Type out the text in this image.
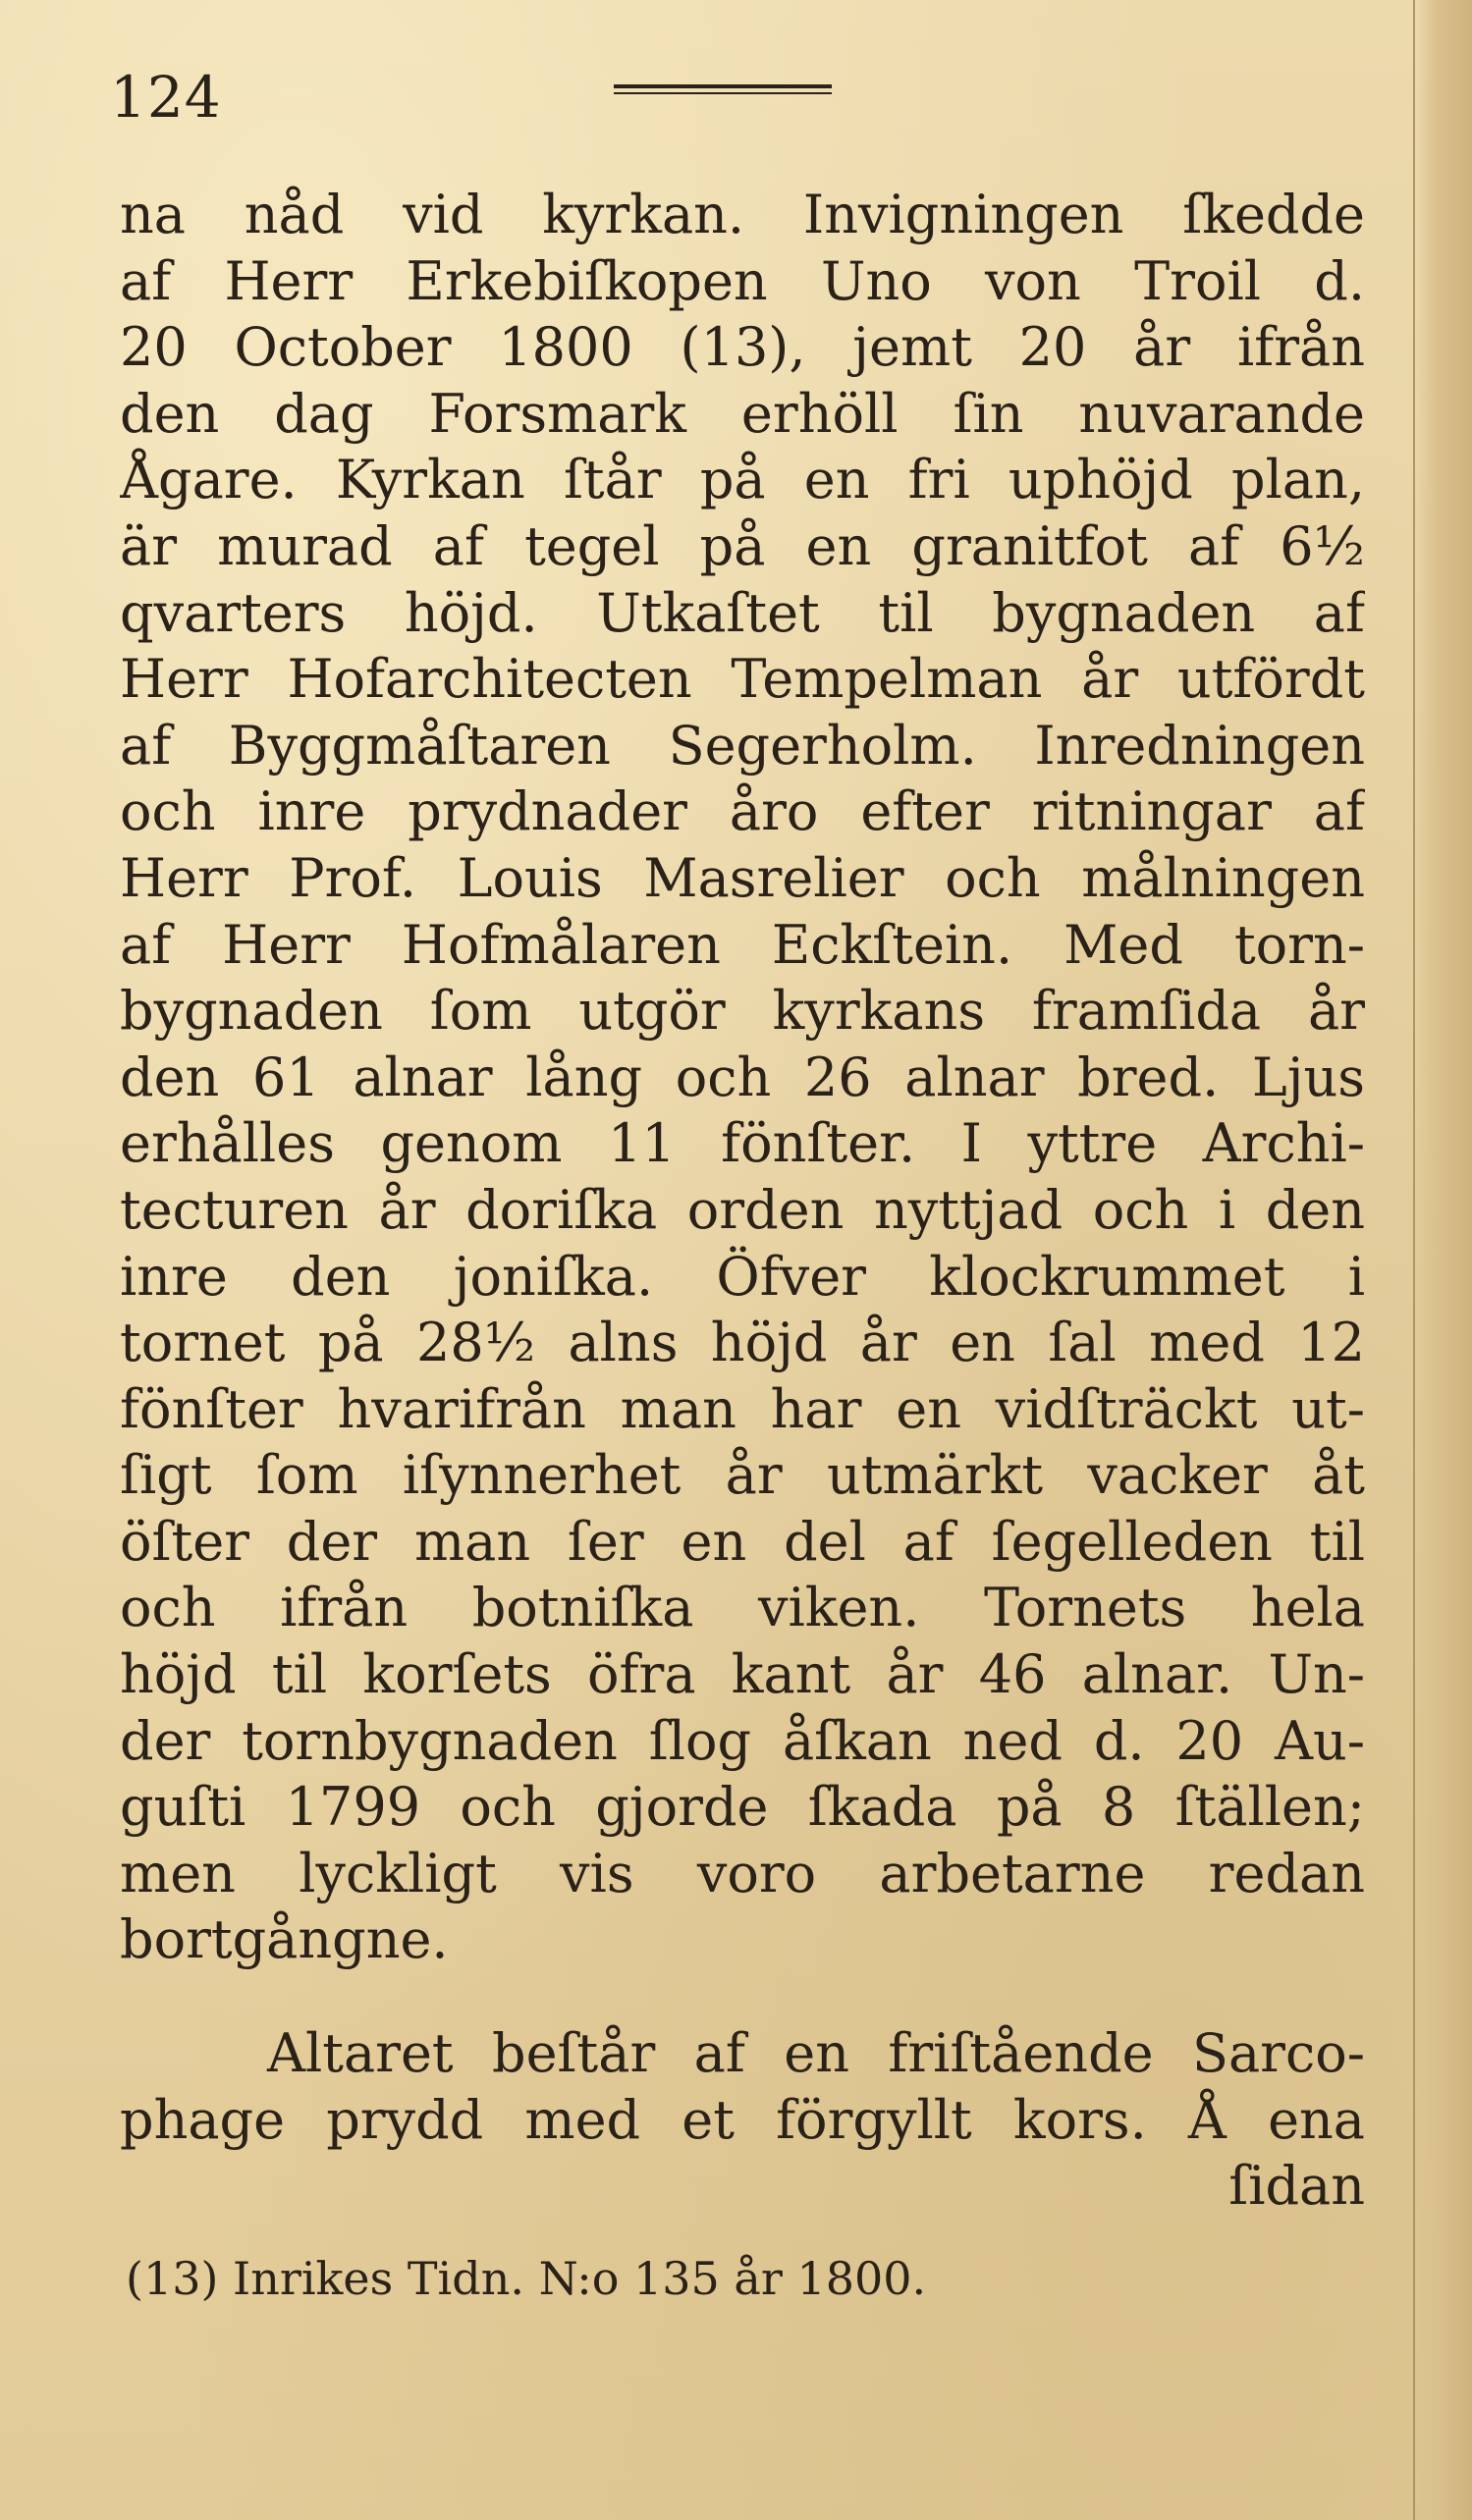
124
na nåd vid kyrkan. Invigningen ſkedde
af Herr Erkebiſkopen Uno von Troil d.
20 October 1800 (13), jemt 20 år ifrån
den dag Forsmark erhöll ſin nuvarande
Ågare. Kyrkan ſtår på en fri uphöjd plan,
är murad af tegel på en granitfot af 6½
qvarters höjd. Utkaſtet til bygnaden af
Herr Hofarchitecten Tempelman år utfördt
af Byggmåſtaren Segerholm. Inredningen
och inre prydnader åro efter ritningar af
Herr Prof. Louis Masrelier och målningen
af Herr Hofmålaren Eckſtein. Med torn-
bygnaden ſom utgör kyrkans framſida år
den 61 alnar lång och 26 alnar bred. Ljus
erhålles genom 11 fönſter. I yttre Archi-
tecturen år doriſka orden nyttjad och i den
inre den joniſka. Öfver klockrummet i
tornet på 28½ alns höjd år en ſal med 12
fönſter hvarifrån man har en vidſträckt ut-
ſigt ſom iſynnerhet år utmärkt vacker åt
öſter der man ſer en del af ſegelleden til
och ifrån botniſka viken. Tornets hela
höjd til korſets öfra kant år 46 alnar. Un-
der tornbygnaden ſlog åſkan ned d. 20 Au-
guſti 1799 och gjorde ſkada på 8 ſtällen;
men lyckligt vis voro arbetarne redan
bortgångne.
Altaret beſtår af en friſtående Sarco-
phage prydd med et förgyllt kors. Å ena
ſidan
(13) Inrikes Tidn. N:o 135 år 1800.
